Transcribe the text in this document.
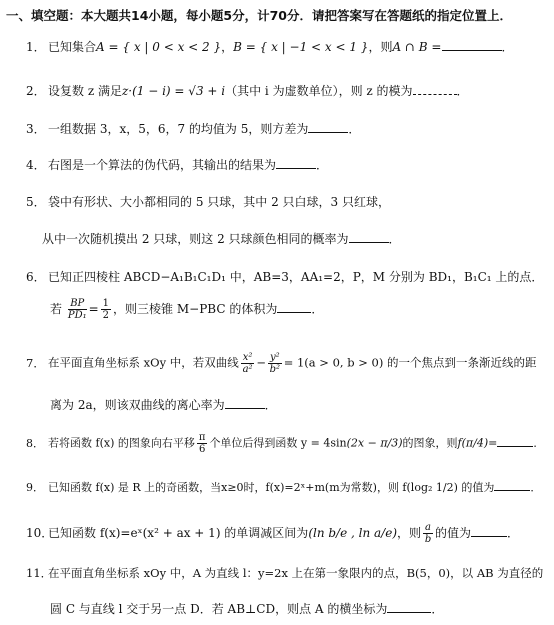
一、填空题：本大题共14小题，每小题5分，计70分．请把答案写在答题纸的指定位置上．
1． 已知集合A = { x | 0 < x < 2 }，B = { x | −1 < x < 1 }，则A ∩ B =	．
2． 设复数 z 满足z·(1 − i) = √3 + i（其中 i 为虚数单位），则 z 的模为	．
3． 一组数据 3，x，5，6，7 的均值为 5，则方差为	．
4． 右图是一个算法的伪代码，其输出的结果为	．
5． 袋中有形状、大小都相同的 5 只球，其中 2 只白球，3 只红球，
从中一次随机摸出 2 只球，则这 2 只球颜色相同的概率为	．
6． 已知正四棱柱 ABCD−A₁B₁C₁D₁ 中，AB=3，AA₁=2，P，M 分别为 BD₁，B₁C₁ 上的点．
若 $\frac{BP}{\text{PD₁}} = \frac{1}{2}$ ，则三棱锥 M−PBC 的体积为	．
7． 在平面直角坐标系 xOy 中，若双曲线 $\frac{\text{x²}}{\text{a²}} - \frac{\text{y²}}{\text{b²}} = 1(a > 0$, b > 0) 的一个焦点到一条渐近线的距
离为 2a，则该双曲线的离心率为	．
8． 若将函数 f(x) 的图象向右平移 $\frac{\pi}{6}$ 个单位后得到函数 y = 4sin(2x − π/3)的图象，则f(π/4)=	．
9． 已知函数 f(x) 是 R 上的奇函数，当x≥0时，f(x)=2ˣ+m(m为常数)，则 f(log₂ 1/2) 的值为	．
10．已知函数 f(x)=eˣ(x² + ax + 1) 的单调减区间为(ln b/e , ln a/e)，则 $\frac{a}{b}$ 的值为	．
11．在平面直角坐标系 xOy 中，A 为直线 l：y=2x 上在第一象限内的点，B(5，0)，以 AB 为直径的
圆 C 与直线 l 交于另一点 D．若 AB⊥CD，则点 A 的横坐标为	．
